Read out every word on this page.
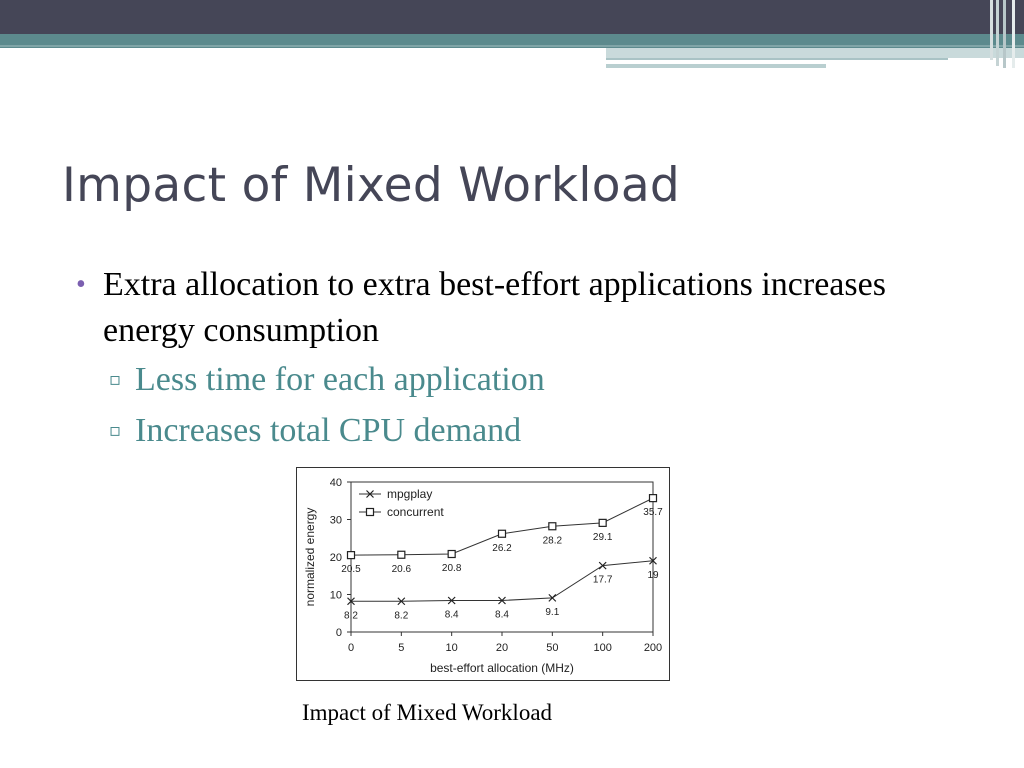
Impact of Mixed Workload
• Extra allocation to extra best-effort applications increases energy consumption
▫ Less time for each application
▫ Increases total CPU demand
0
10
20
30
40
0	5	10	20	50	100	200
best-effort allocation (MHz)
normalized energy
8.2	8.2	8.4	8.4	9.1
17.7	19
20.5	20.6	20.8
26.2
28.2	29.1
35.7
mpgplay
concurrent
Impact of Mixed Workload
